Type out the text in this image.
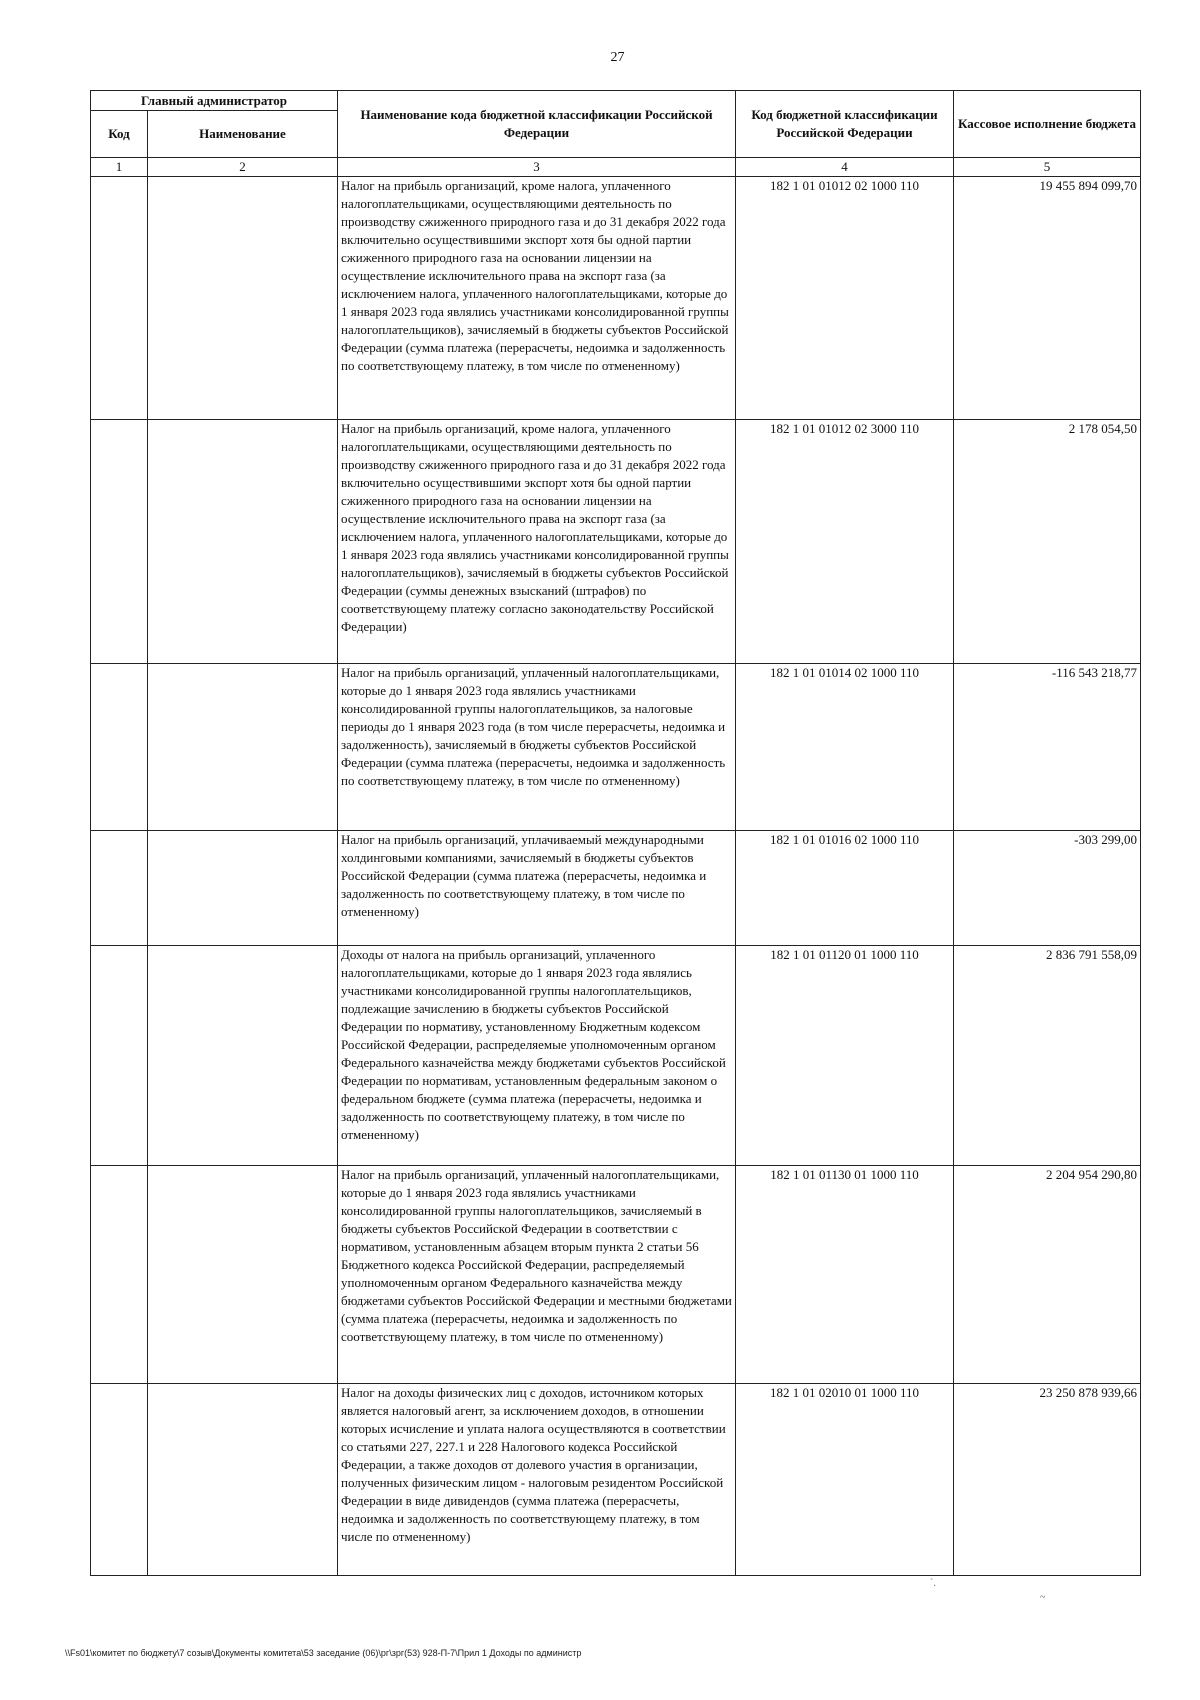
27
Главный администратор		Наименование кода бюджетной классификации Российской Федерации	Код бюджетной классификации Российской Федерации	Кассовое исполнение бюджета
Код	Наименование			
1	2	3	4	5
		Налог на прибыль организаций, кроме налога, уплаченного налогоплательщиками, осуществляющими деятельность по производству сжиженного природного газа и до 31 декабря 2022 года включительно осуществившими экспорт хотя бы одной партии сжиженного природного газа на основании лицензии на осуществление исключительного права на экспорт газа (за исключением налога, уплаченного налогоплательщиками, которые до 1 января 2023 года являлись участниками консолидированной группы налогоплательщиков), зачисляемый в бюджеты субъектов Российской Федерации (сумма платежа (перерасчеты, недоимка и задолженность по соответствующему платежу, в том числе по отмененному)	182 1 01 01012 02 1000 110	19 455 894 099,70
		Налог на прибыль организаций, кроме налога, уплаченного налогоплательщиками, осуществляющими деятельность по производству сжиженного природного газа и до 31 декабря 2022 года включительно осуществившими экспорт хотя бы одной партии сжиженного природного газа на основании лицензии на осуществление исключительного права на экспорт газа (за исключением налога, уплаченного налогоплательщиками, которые до 1 января 2023 года являлись участниками консолидированной группы налогоплательщиков), зачисляемый в бюджеты субъектов Российской Федерации (суммы денежных взысканий (штрафов) по соответствующему платежу согласно законодательству Российской Федерации)	182 1 01 01012 02 3000 110	2 178 054,50
		Налог на прибыль организаций, уплаченный налогоплательщиками, которые до 1 января 2023 года являлись участниками консолидированной группы налогоплательщиков, за налоговые периоды до 1 января 2023 года (в том числе перерасчеты, недоимка и задолженность), зачисляемый в бюджеты субъектов Российской Федерации (сумма платежа (перерасчеты, недоимка и задолженность по соответствующему платежу, в том числе по отмененному)	182 1 01 01014 02 1000 110	-116 543 218,77
		Налог на прибыль организаций, уплачиваемый международными холдинговыми компаниями, зачисляемый в бюджеты субъектов Российской Федерации (сумма платежа (перерасчеты, недоимка и задолженность по соответствующему платежу, в том числе по отмененному)	182 1 01 01016 02 1000 110	-303 299,00
		Доходы от налога на прибыль организаций, уплаченного налогоплательщиками, которые до 1 января 2023 года являлись участниками консолидированной группы налогоплательщиков, подлежащие зачислению в бюджеты субъектов Российской Федерации по нормативу, установленному Бюджетным кодексом Российской Федерации, распределяемые уполномоченным органом Федерального казначейства между бюджетами субъектов Российской Федерации по нормативам, установленным федеральным законом о федеральном бюджете (сумма платежа (перерасчеты, недоимка и задолженность по соответствующему платежу, в том числе по отмененному)	182 1 01 01120 01 1000 110	2 836 791 558,09
		Налог на прибыль организаций, уплаченный налогоплательщиками, которые до 1 января 2023 года являлись участниками консолидированной группы налогоплательщиков, зачисляемый в бюджеты субъектов Российской Федерации в соответствии с нормативом, установленным абзацем вторым пункта 2 статьи 56 Бюджетного кодекса Российской Федерации, распределяемый уполномоченным органом Федерального казначейства между бюджетами субъектов Российской Федерации и местными бюджетами (сумма платежа (перерасчеты, недоимка и задолженность по соответствующему платежу, в том числе по отмененному)	182 1 01 01130 01 1000 110	2 204 954 290,80
		Налог на доходы физических лиц с доходов, источником которых является налоговый агент, за исключением доходов, в отношении которых исчисление и уплата налога осуществляются в соответствии со статьями 227, 227.1 и 228 Налогового кодекса Российской Федерации, а также доходов от долевого участия в организации, полученных физическим лицом - налоговым резидентом Российской Федерации в виде дивидендов (сумма платежа (перерасчеты, недоимка и задолженность по соответствующему платежу, в том числе по отмененному)	182 1 01 02010 01 1000 110	23 250 878 939,66
`.
~
\\Fs01\комитет по бюджету\7 созыв\Документы комитета\53 заседание (06)\рг\зрг(53) 928-П-7\Прил 1 Доходы по администр
